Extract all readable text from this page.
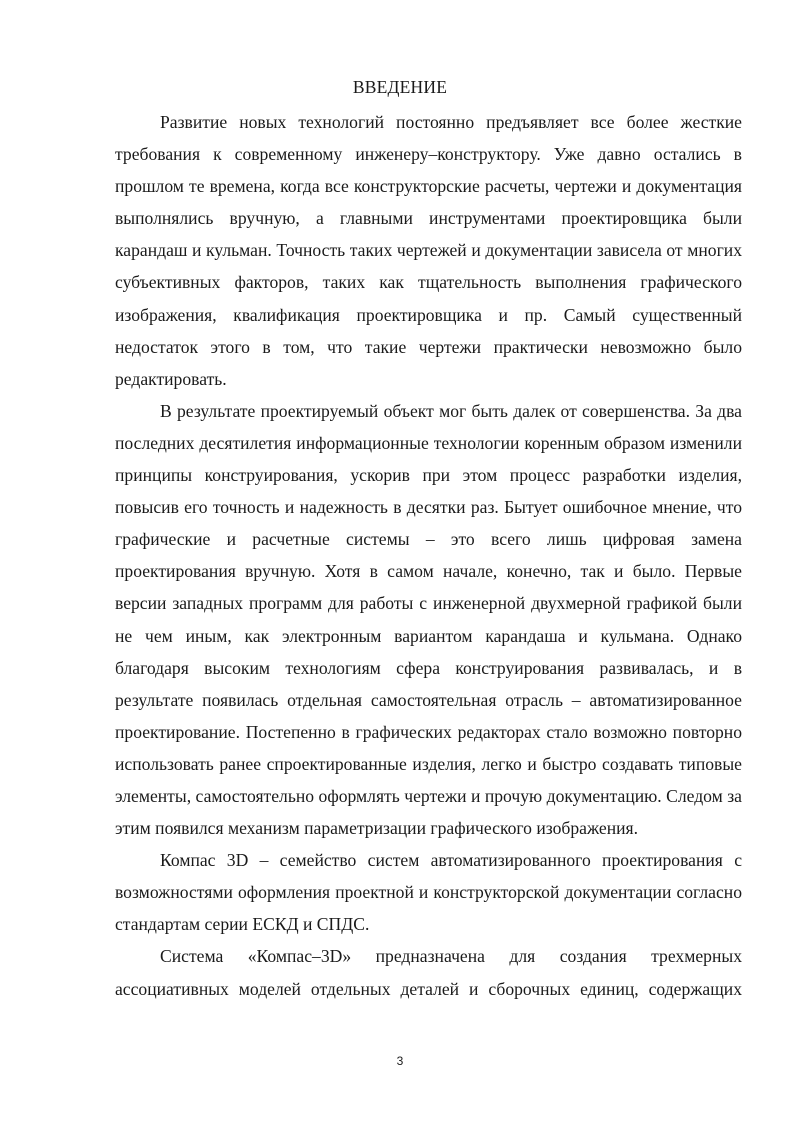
ВВЕДЕНИЕ

Развитие новых технологий постоянно предъявляет все более жесткие требования к современному инженеру–конструктору. Уже давно остались в прошлом те времена, когда все конструкторские расчеты, чертежи и документация выполнялись вручную, а главными инструментами проектировщика были карандаш и кульман. Точность таких чертежей и документации зависела от многих субъективных факторов, таких как тщательность выполнения графического изображения, квалификация проектировщика и пр. Самый существенный недостаток этого в том, что такие чертежи практически невозможно было редактировать.

В результате проектируемый объект мог быть далек от совершенства. За два последних десятилетия информационные технологии коренным образом изменили принципы конструирования, ускорив при этом процесс разработки изделия, повысив его точность и надежность в десятки раз. Бытует ошибочное мнение, что графические и расчетные системы – это всего лишь цифровая замена проектирования вручную. Хотя в самом начале, конечно, так и было. Первые версии западных программ для работы с инженерной двухмерной графикой были не чем иным, как электронным вариантом карандаша и кульмана. Однако благодаря высоким технологиям сфера конструирования развивалась, и в результате появилась отдельная самостоятельная отрасль – автоматизированное проектирование. Постепенно в графических редакторах стало возможно повторно использовать ранее спроектированные изделия, легко и быстро создавать типовые элементы, самостоятельно оформлять чертежи и прочую документацию. Следом за этим появился механизм параметризации графического изображения.

Компас 3D – семейство систем автоматизированного проектирования с возможностями оформления проектной и конструкторской документации согласно стандартам серии ЕСКД и СПДС.

Система «Компас–3D» предназначена для создания трехмерных ассоциативных моделей отдельных деталей и сборочных единиц, содержащих

3
